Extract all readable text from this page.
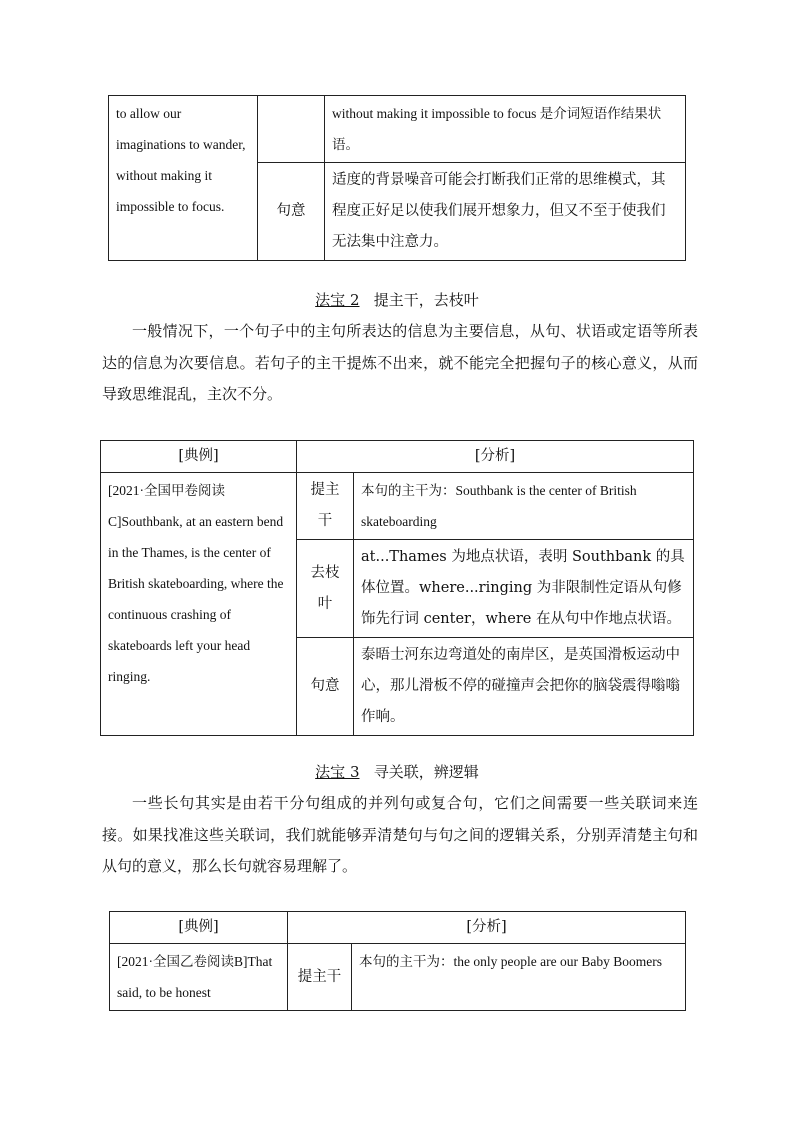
to allow our imaginations to wander, without making it impossible to focus.		without making it impossible to focus 是介词短语作结果状语。
	句意	适度的背景噪音可能会打断我们正常的思维模式，其程度正好足以使我们展开想象力，但又不至于使我们无法集中注意力。
法宝 2 提主干，去枝叶
一般情况下，一个句子中的主句所表达的信息为主要信息，从句、状语或定语等所表达的信息为次要信息。若句子的主干提炼不出来，就不能完全把握句子的核心意义，从而导致思维混乱，主次不分。
[典例]	[分析]	
[2021·全国甲卷阅读C]Southbank, at an eastern bend in the Thames, is the center of British skateboarding, where the continuous crashing of skateboards left your head ringing.	提主干	本句的主干为：Southbank is the center of British skateboarding
	去枝叶	at...Thames 为地点状语，表明 Southbank 的具体位置。where...ringing 为非限制性定语从句修饰先行词 center，where 在从句中作地点状语。
	句意	泰晤士河东边弯道处的南岸区，是英国滑板运动中心，那儿滑板不停的碰撞声会把你的脑袋震得嗡嗡作响。
法宝 3 寻关联，辨逻辑
一些长句其实是由若干分句组成的并列句或复合句，它们之间需要一些关联词来连接。如果找准这些关联词，我们就能够弄清楚句与句之间的逻辑关系，分别弄清楚主句和从句的意义，那么长句就容易理解了。
[典例]	[分析]	
[2021·全国乙卷阅读B]That said, to be honest	提主干	本句的主干为：the only people are our Baby Boomers
